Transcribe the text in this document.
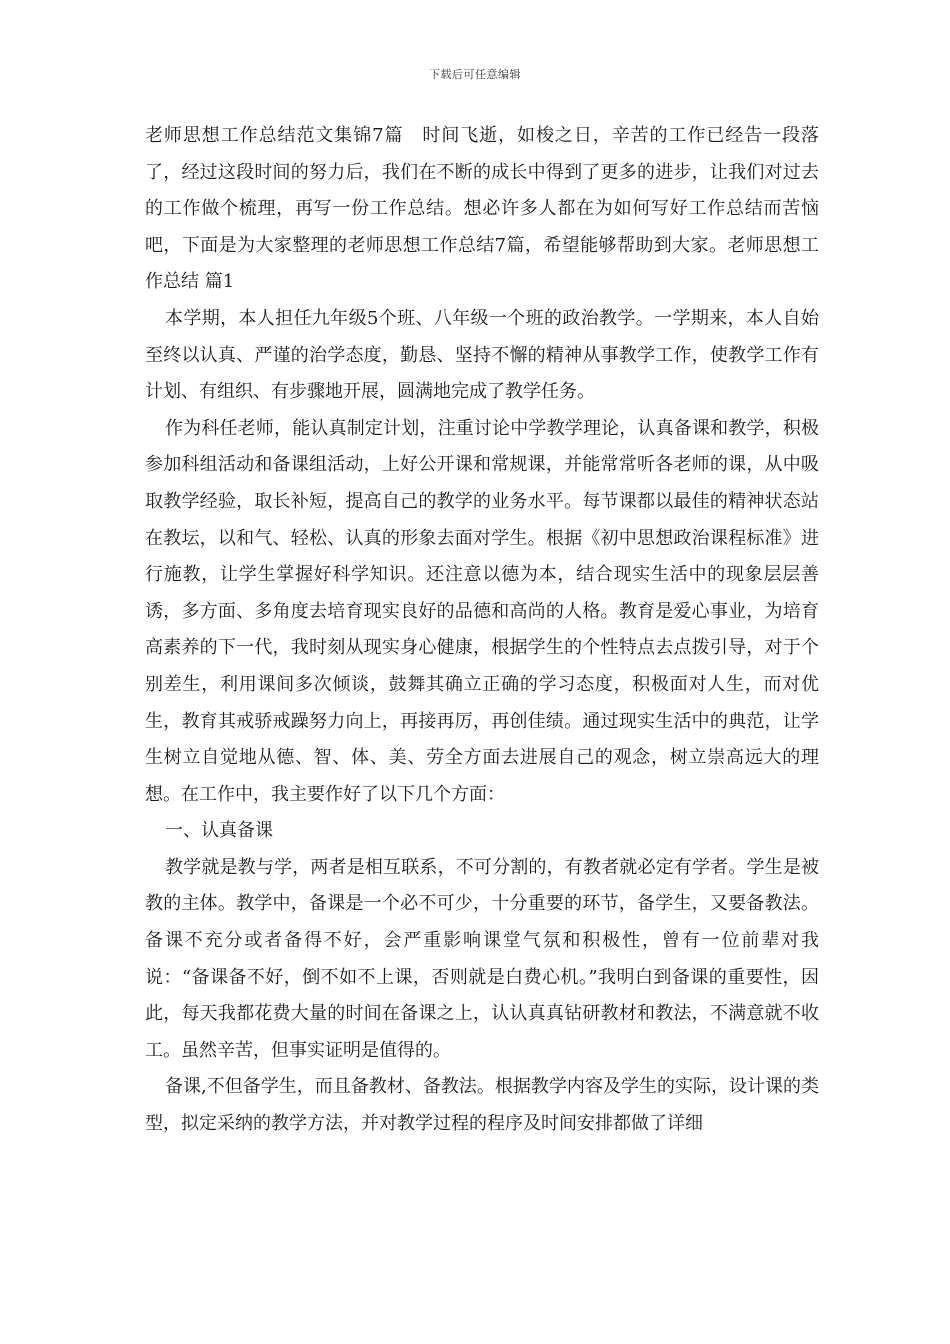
下载后可任意编辑

老师思想工作总结范文集锦7篇　时间飞逝，如梭之日，辛苦的工作已经告一段落了，经过这段时间的努力后，我们在不断的成长中得到了更多的进步，让我们对过去的工作做个梳理，再写一份工作总结。想必许多人都在为如何写好工作总结而苦恼吧，下面是为大家整理的老师思想工作总结7篇，希望能够帮助到大家。老师思想工作总结 篇1

本学期，本人担任九年级5个班、八年级一个班的政治教学。一学期来，本人自始至终以认真、严谨的治学态度，勤恳、坚持不懈的精神从事教学工作，使教学工作有计划、有组织、有步骤地开展，圆满地完成了教学任务。

作为科任老师，能认真制定计划，注重讨论中学教学理论，认真备课和教学，积极参加科组活动和备课组活动，上好公开课和常规课，并能常常听各老师的课，从中吸取教学经验，取长补短，提高自己的教学的业务水平。每节课都以最佳的精神状态站在教坛，以和气、轻松、认真的形象去面对学生。根据《初中思想政治课程标准》进行施教，让学生掌握好科学知识。还注意以德为本，结合现实生活中的现象层层善诱，多方面、多角度去培育现实良好的品德和高尚的人格。教育是爱心事业，为培育高素养的下一代，我时刻从现实身心健康，根据学生的个性特点去点拨引导，对于个别差生，利用课间多次倾谈，鼓舞其确立正确的学习态度，积极面对人生，而对优生，教育其戒骄戒躁努力向上，再接再厉，再创佳绩。通过现实生活中的典范，让学生树立自觉地从德、智、体、美、劳全方面去进展自己的观念，树立崇高远大的理想。在工作中，我主要作好了以下几个方面：

一、认真备课

教学就是教与学，两者是相互联系，不可分割的，有教者就必定有学者。学生是被教的主体。教学中，备课是一个必不可少，十分重要的环节，备学生，又要备教法。备课不充分或者备得不好，会严重影响课堂气氛和积极性，曾有一位前辈对我说：“备课备不好，倒不如不上课，否则就是白费心机。”我明白到备课的重要性，因此，每天我都花费大量的时间在备课之上，认认真真钻研教材和教法，不满意就不收工。虽然辛苦，但事实证明是值得的。

备课,不但备学生，而且备教材、备教法。根据教学内容及学生的实际，设计课的类型，拟定采纳的教学方法，并对教学过程的程序及时间安排都做了详细
